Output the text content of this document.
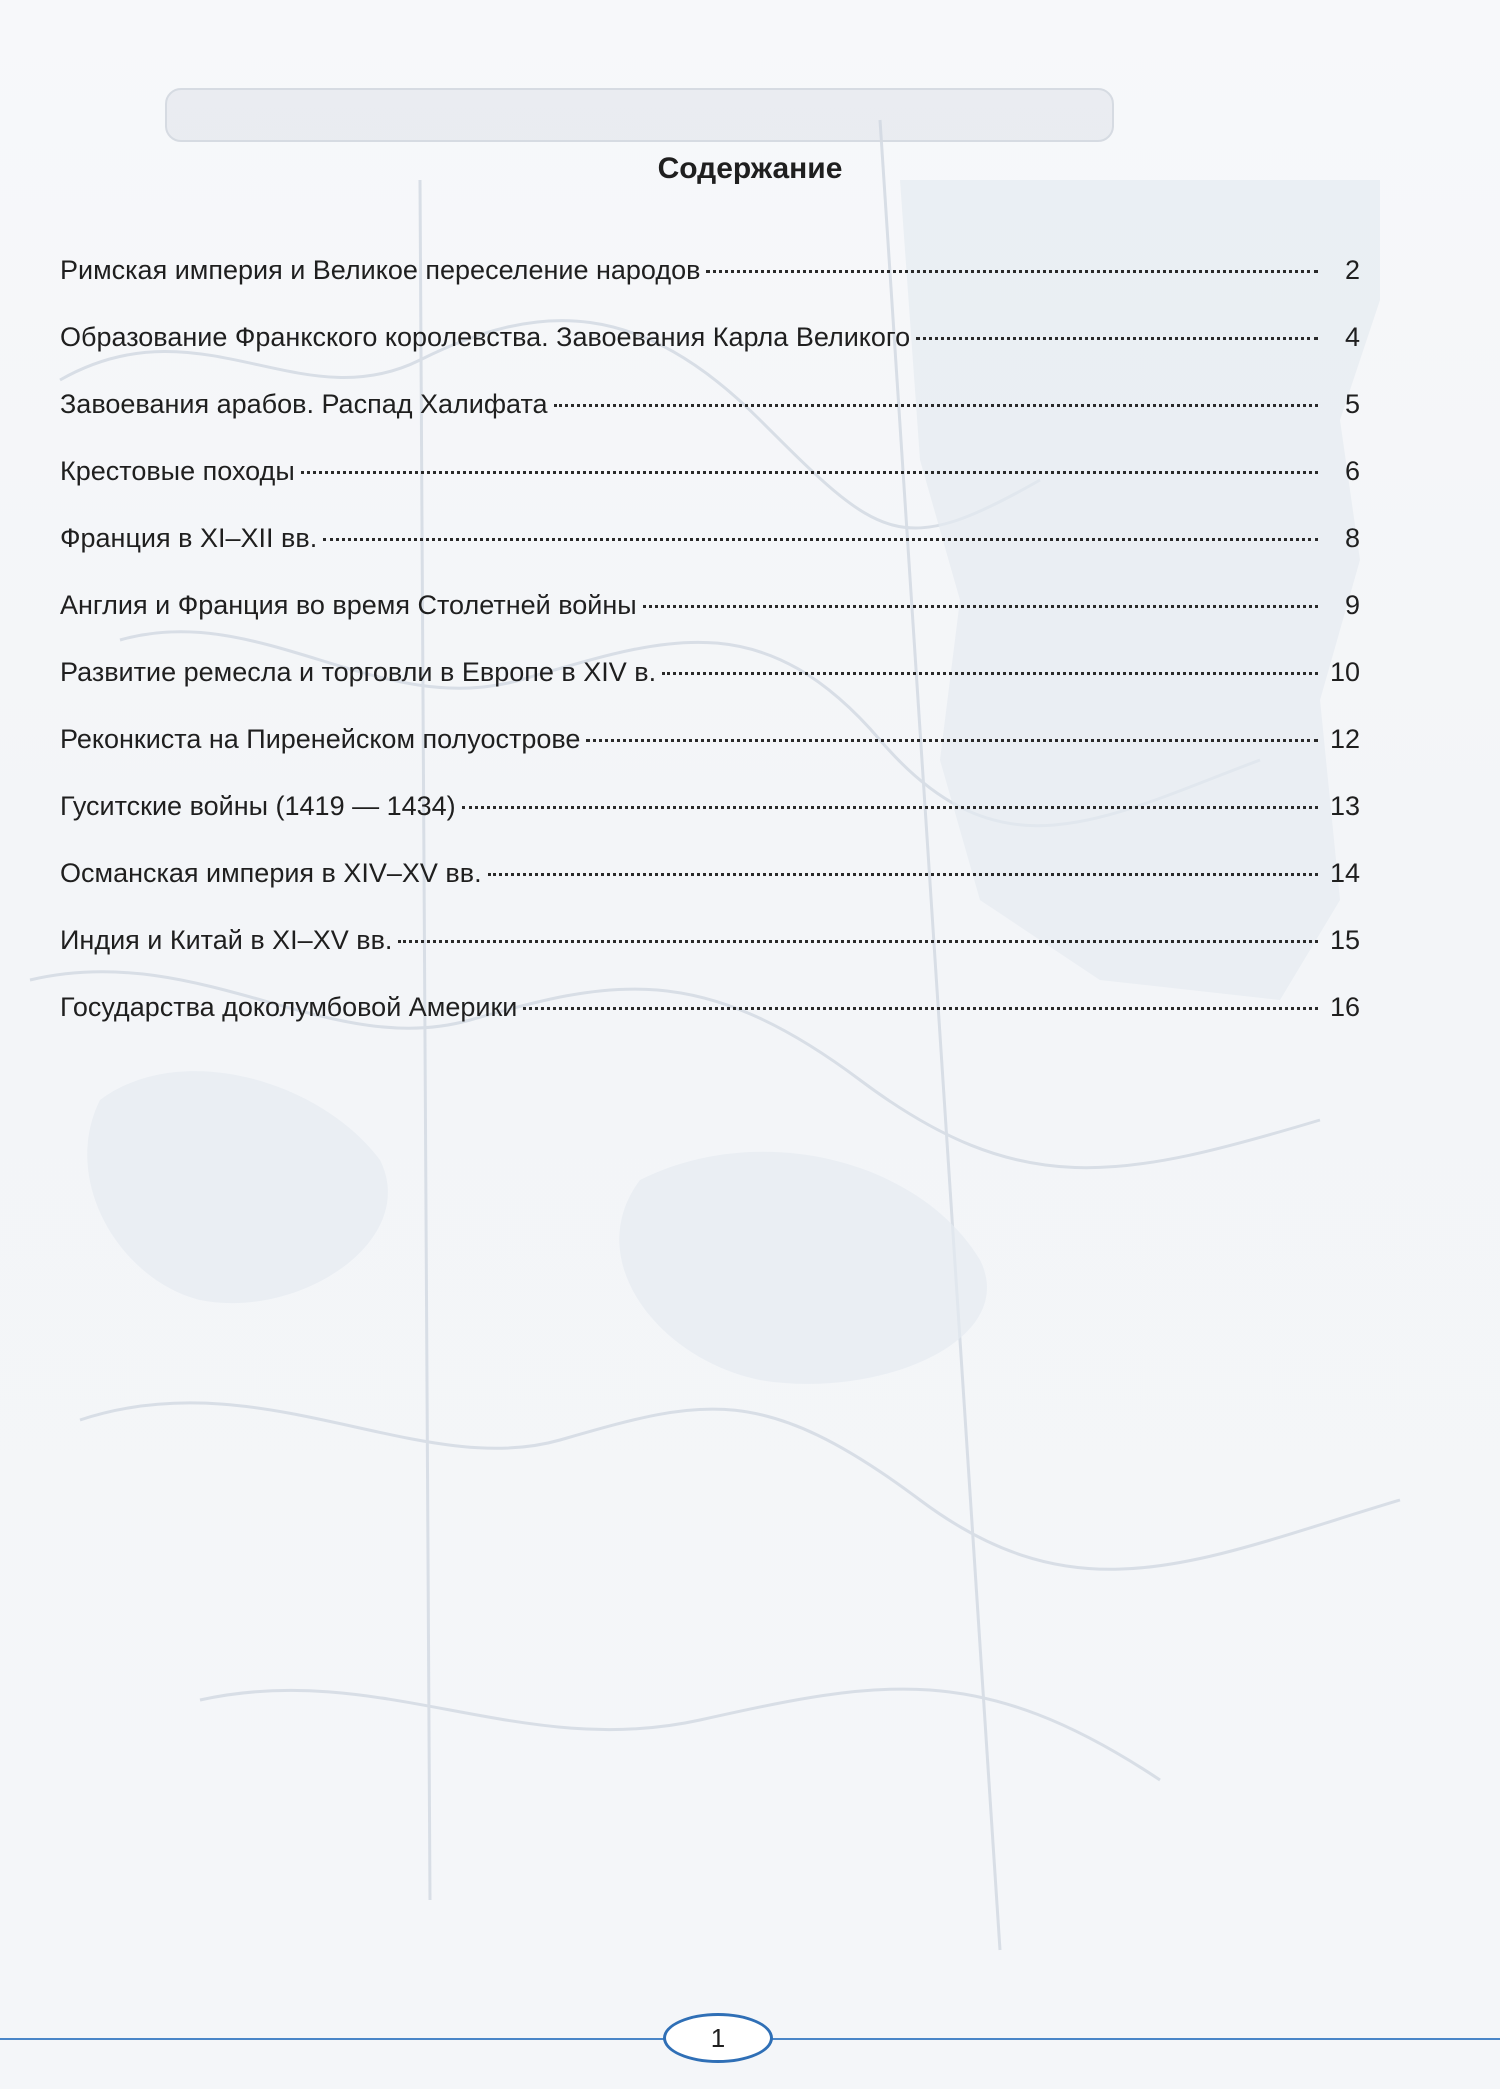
Содержание
Римская империя и Великое переселение народов	2
Образование Франкского королевства. Завоевания Карла Великого	4
Завоевания арабов. Распад Халифата	5
Крестовые походы	6
Франция в XI–XII вв.	8
Англия и Франция во время Столетней войны	9
Развитие ремесла и торговли в Европе в XIV в.	10
Реконкиста на Пиренейском полуострове	12
Гуситские войны (1419 — 1434)	13
Османская империя в XIV–XV вв.	14
Индия и Китай в XI–XV вв.	15
Государства доколумбовой Америки	16
1
